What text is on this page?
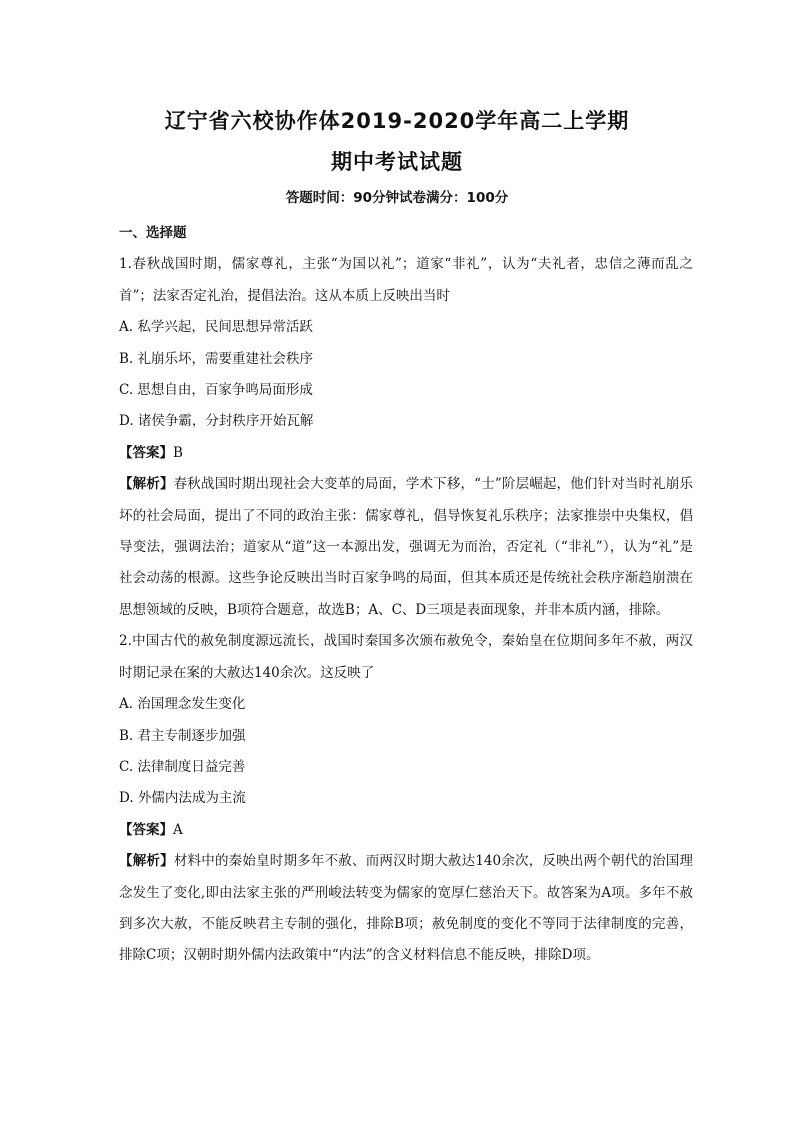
辽宁省六校协作体2019-2020学年高二上学期
期中考试试题
答题时间：90分钟试卷满分：100分

一、选择题

1.春秋战国时期，儒家尊礼，主张“为国以礼”；道家“非礼”，认为“夫礼者，忠信之薄而乱之首”；法家否定礼治，提倡法治。这从本质上反映出当时

A. 私学兴起，民间思想异常活跃

B. 礼崩乐坏，需要重建社会秩序

C. 思想自由，百家争鸣局面形成

D. 诸侯争霸，分封秩序开始瓦解

【答案】B

【解析】春秋战国时期出现社会大变革的局面，学术下移，“士”阶层崛起，他们针对当时礼崩乐坏的社会局面，提出了不同的政治主张：儒家尊礼，倡导恢复礼乐秩序；法家推崇中央集权，倡导变法，强调法治；道家从“道”这一本源出发，强调无为而治，否定礼（“非礼”），认为“礼”是社会动荡的根源。这些争论反映出当时百家争鸣的局面，但其本质还是传统社会秩序渐趋崩溃在思想领域的反映，B项符合题意，故选B；A、C、D三项是表面现象，并非本质内涵，排除。

2.中国古代的赦免制度源远流长，战国时秦国多次颁布赦免令，秦始皇在位期间多年不赦，两汉时期记录在案的大赦达140余次。这反映了

A. 治国理念发生变化

B. 君主专制逐步加强

C. 法律制度日益完善

D. 外儒内法成为主流

【答案】A

【解析】材料中的秦始皇时期多年不赦、而两汉时期大赦达140余次，反映出两个朝代的治国理念发生了变化,即由法家主张的严刑峻法转变为儒家的宽厚仁慈治天下。故答案为A项。多年不赦到多次大赦，不能反映君主专制的强化，排除B项；赦免制度的变化不等同于法律制度的完善，排除C项；汉朝时期外儒内法政策中“内法”的含义材料信息不能反映，排除D项。
